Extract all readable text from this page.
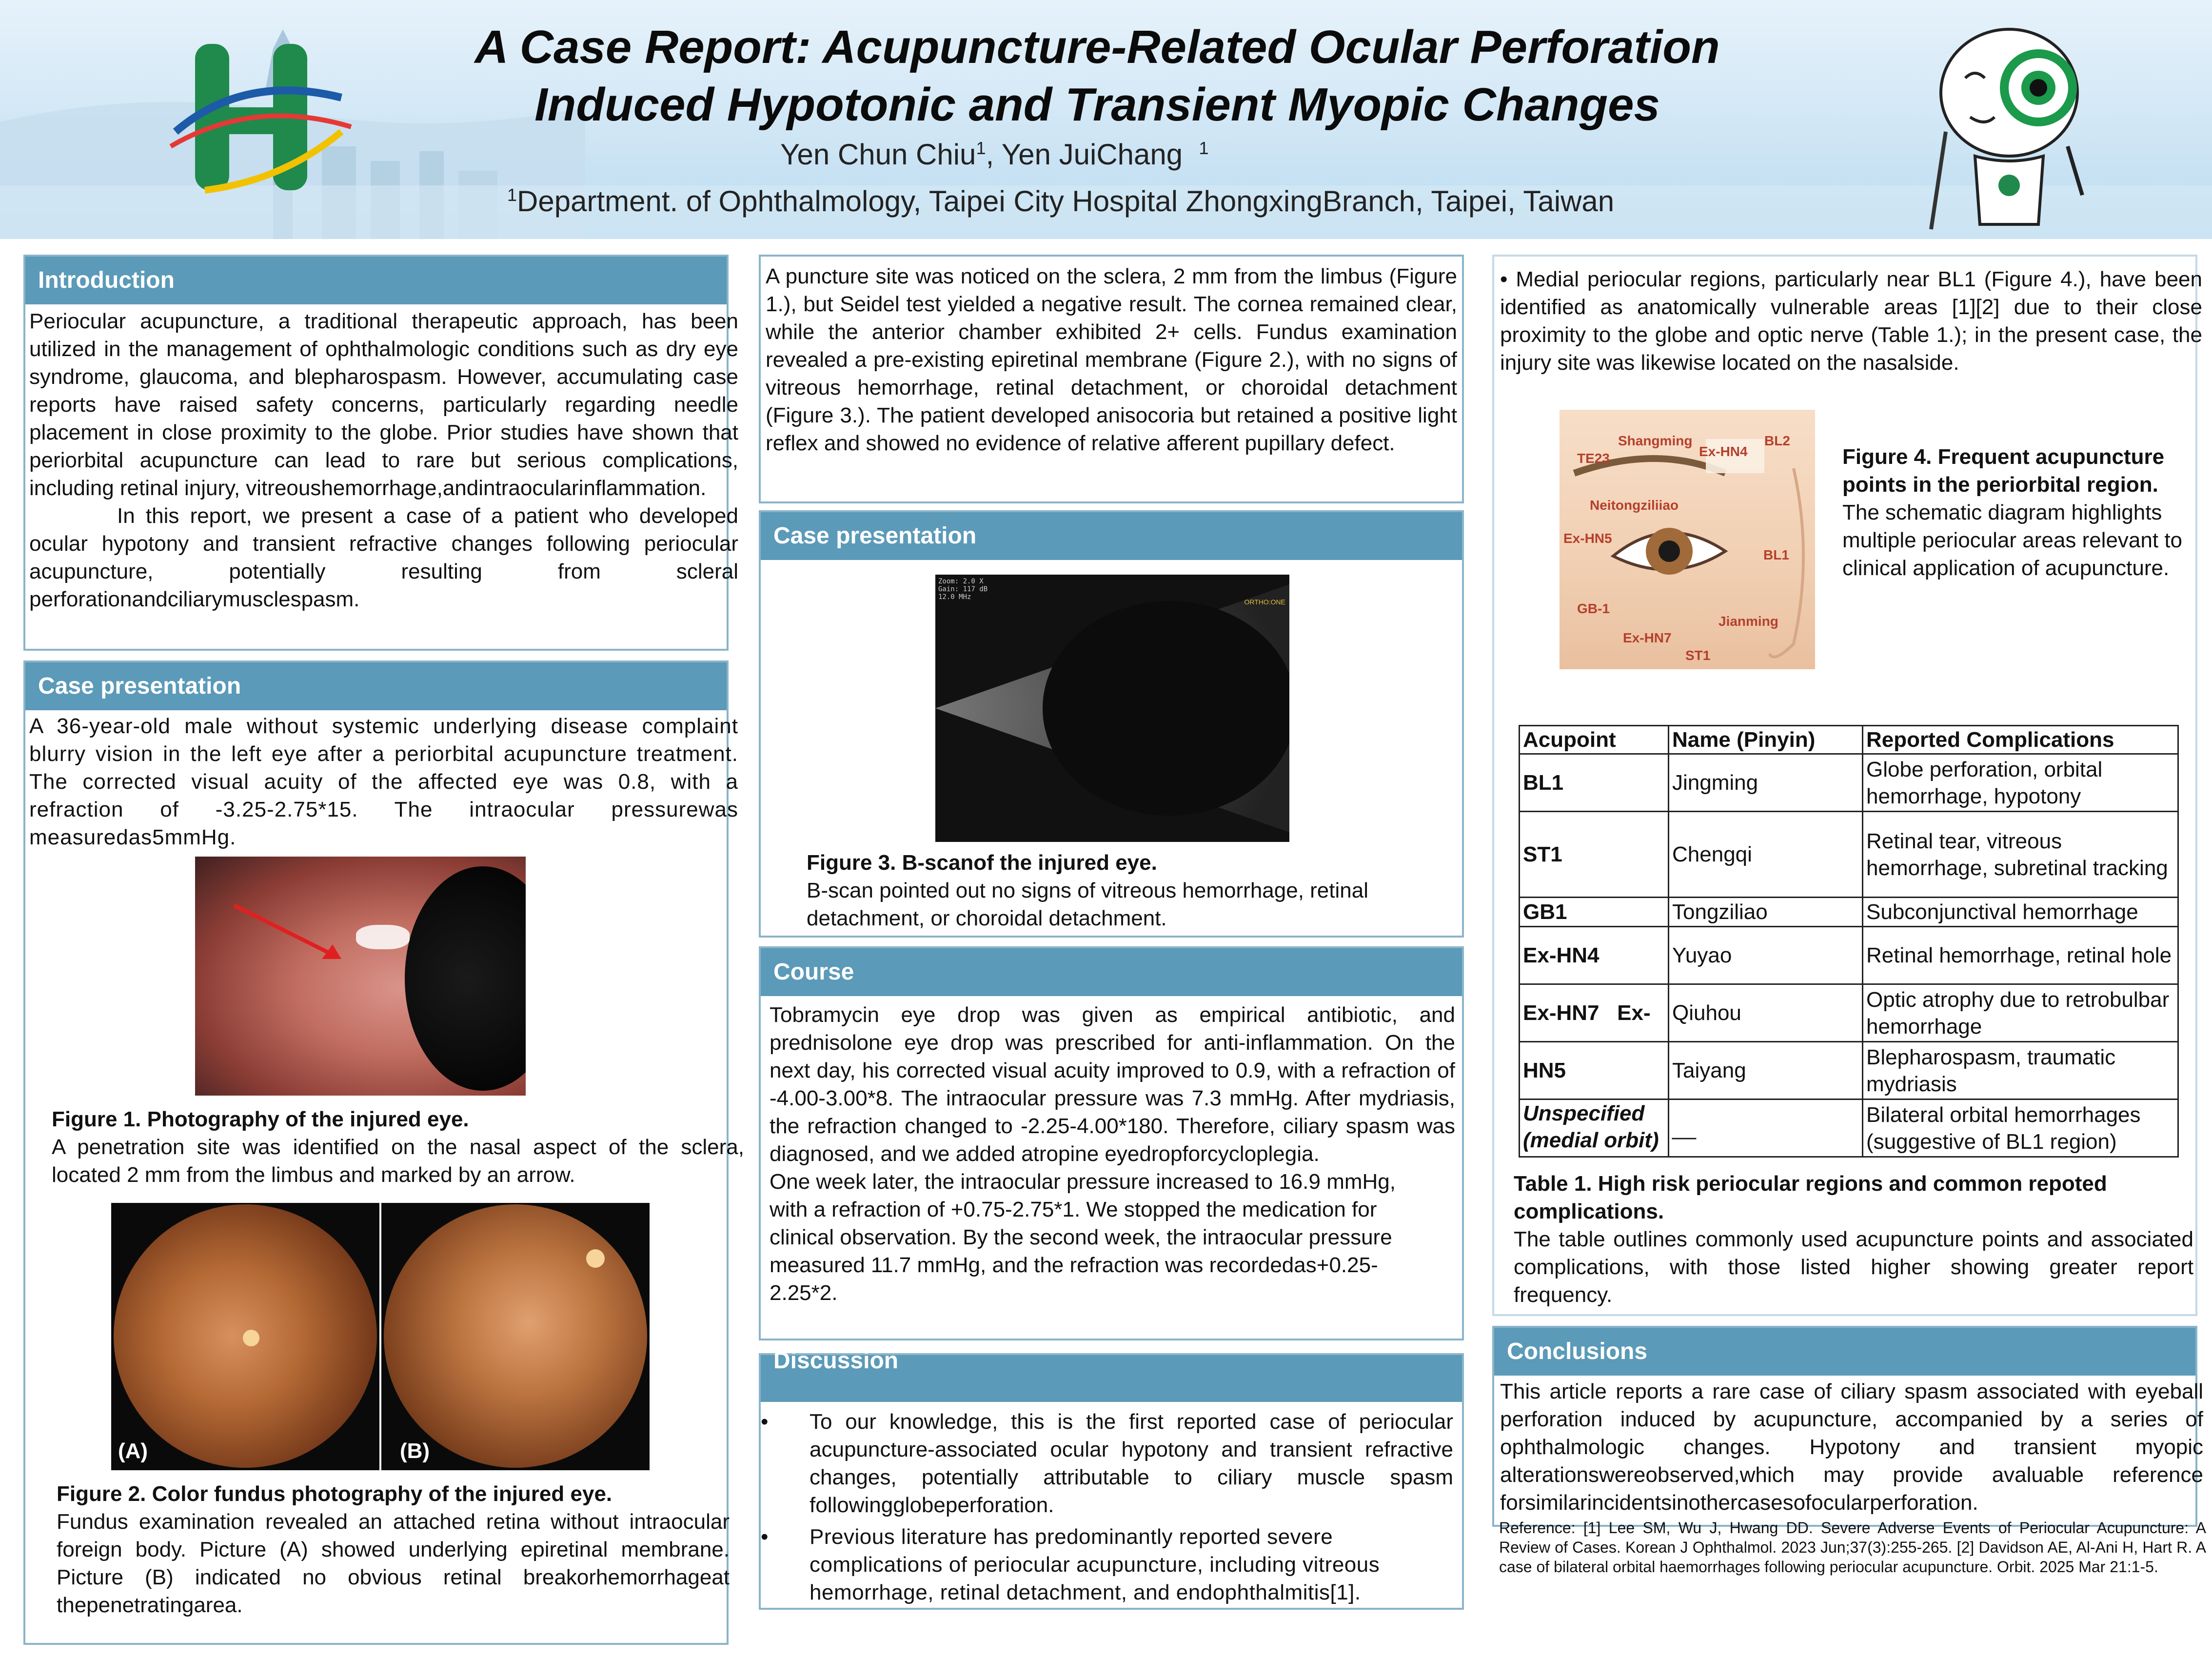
A Case Report: Acupuncture-Related Ocular Perforation
Induced Hypotonic and Transient Myopic Changes
Yen Chun Chiu$^1$, Yen JuiChang $^1$
$^1$Department. of Ophthalmology, Taipei City Hospital ZhongxingBranch, Taipei, Taiwan
Introduction

Periocular acupuncture, a traditional therapeutic approach, has been utilized in the management of ophthalmologic conditions such as dry eye syndrome, glaucoma, and blepharospasm. However, accumulating case reports have raised safety concerns, particularly regarding needle placement in close proximity to the globe. Prior studies have shown that periorbital acupuncture can lead to rare but serious complications, including retinal injury, vitreoushemorrhage,andintraocularinflammation.

In this report, we present a case of a patient who developed ocular hypotony and transient refractive changes following periocular acupuncture, potentially resulting from scleral perforationandciliarymusclespasm.

Case presentation
A 36-year-old male without systemic underlying disease complaint blurry vision in the left eye after a periorbital acupuncture treatment. The corrected visual acuity of the affected eye was 0.8, with a refraction of -3.25-2.75*15. The intraocular pressurewas measuredas5mmHg.
Figure 1. Photography of the injured eye.
A penetration site was identified on the nasal aspect of the sclera, located 2 mm from the limbus and marked by an arrow.
(A)	(B)
Figure 2. Color fundus photography of the injured eye.
Fundus examination revealed an attached retina without intraocular foreign body. Picture (A) showed underlying epiretinal membrane. Picture (B) indicated no obvious retinal breakorhemorrhageat thepenetratingarea.
A puncture site was noticed on the sclera, 2 mm from the limbus (Figure 1.), but Seidel test yielded a negative result. The cornea remained clear, while the anterior chamber exhibited 2+ cells. Fundus examination revealed a pre-existing epiretinal membrane (Figure 2.), with no signs of vitreous hemorrhage, retinal detachment, or choroidal detachment (Figure 3.). The patient developed anisocoria but retained a positive light reflex and showed no evidence of relative afferent pupillary defect.
Case presentation
Zoom: 2.0 X
Gain: 117 dB
12.0 MHz
ORTHO:ONE
Figure 3. B-scanof the injured eye.
B-scan pointed out no signs of vitreous hemorrhage, retinal detachment, or choroidal detachment.
Course

Tobramycin eye drop was given as empirical antibiotic, and prednisolone eye drop was prescribed for anti-inflammation. On the next day, his corrected visual acuity improved to 0.9, with a refraction of -4.00-3.00*8. The intraocular pressure was 7.3 mmHg. After mydriasis, the refraction changed to -2.25-4.00*180. Therefore, ciliary spasm was diagnosed, and we added atropine eyedropforcycloplegia.

One week later, the intraocular pressure increased to 16.9 mmHg, with a refraction of +0.75-2.75*1. We stopped the medication for clinical observation. By the second week, the intraocular pressure measured 11.7 mmHg, and the refraction was recordedas+0.25-2.25*2.

Discussion
• To our knowledge, this is the first reported case of periocular acupuncture-associated ocular hypotony and transient refractive changes, potentially attributable to ciliary muscle spasm followingglobeperforation.
• Previous literature has predominantly reported severe complications of periocular acupuncture, including vitreous hemorrhage, retinal detachment, and endophthalmitis[1].
• Medial periocular regions, particularly near BL1 (Figure 4.), have been identified as anatomically vulnerable areas [1][2] due to their close proximity to the globe and optic nerve (Table 1.); in the present case, the injury site was likewise located on the nasalside.
TE23
Shangming
Ex-HN4
BL2
Neitongziliiao
Ex-HN5
BL1
GB-1
Jianming
Ex-HN7
ST1
Figure 4. Frequent acupuncture points in the periorbital region.
The schematic diagram highlights multiple periocular areas relevant to clinical application of acupuncture.
Acupoint	Name (Pinyin)	Reported Complications
BL1	Jingming	Globe perforation, orbital hemorrhage, hypotony
ST1	Chengqi	Retinal tear, vitreous hemorrhage, subretinal tracking
GB1	Tongziliao	Subconjunctival hemorrhage
Ex-HN4	Yuyao	Retinal hemorrhage, retinal hole
Ex-HN7   Ex-	Qiuhou	Optic atrophy due to retrobulbar hemorrhage
HN5	Taiyang	Blepharospasm, traumatic mydriasis
Unspecified (medial orbit)	__	Bilateral orbital hemorrhages (suggestive of BL1 region)
Table 1. High risk periocular regions and common repoted complications.
The table outlines commonly used acupuncture points and associated complications, with those listed higher showing greater report frequency.
Conclusions
This article reports a rare case of ciliary spasm associated with eyeball perforation induced by acupuncture, accompanied by a series of ophthalmologic changes. Hypotony and transient myopic alterationswereobserved,which may provide avaluable reference forsimilarincidentsinothercasesofocularperforation.
Reference: [1] Lee SM, Wu J, Hwang DD. Severe Adverse Events of Periocular Acupuncture: A Review of Cases. Korean J Ophthalmol. 2023 Jun;37(3):255-265. [2] Davidson AE, Al-Ani H, Hart R. A case of bilateral orbital haemorrhages following periocular acupuncture. Orbit. 2025 Mar 21:1-5.
